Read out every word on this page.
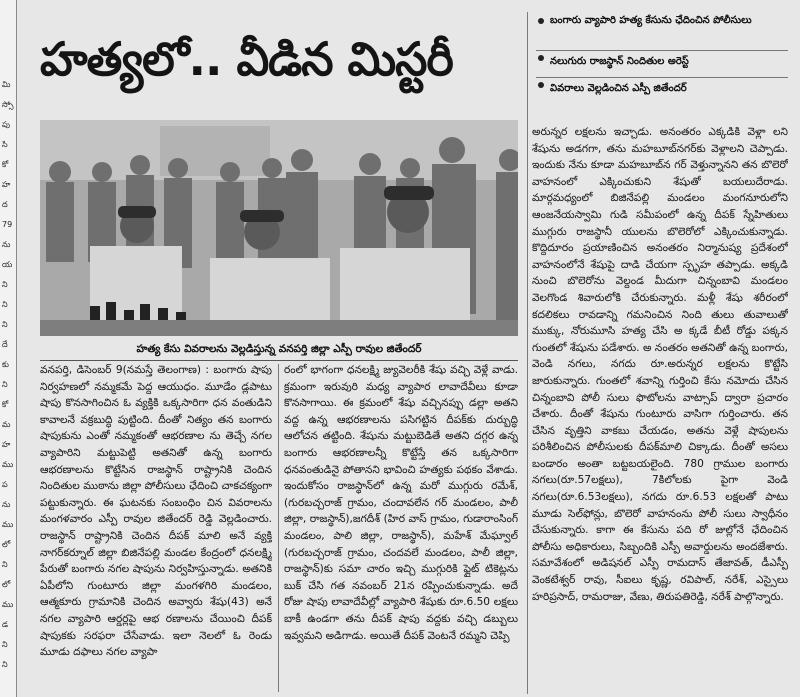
మి
స్సో
పు
సి
కో
హ
ద
79
ను
య
ని
ని
ని
దే
కు
ని
కో
మ
హ
ము
ప
ను
ము
లో
ని
లో
ము
డ
ని
ని
హత్యలో.. వీడిన మిస్టరీ
బంగారు వ్యాపారి హత్య కేసును ఛేదించిన పోలీసులు
నలుగురు రాజస్థాన్ నిందితుల అరెస్ట్
వివరాలు వెల్లడించిన ఎస్పీ జితేందర్
హత్య కేసు వివరాలను వెల్లడిస్తున్న వనపర్తి జిల్లా ఎస్పీ రావుల జితేందర్

వనపర్తి, డిసెంబర్ 9(నమస్తే తెలంగాణ) : బంగారు షాపు నిర్వహణలో నమ్మకమే పెద్ద ఆయుధం. మూడేం డ్లపాటు షాపు కొనసాగించిన ఓ వ్యక్తికి ఒక్కసారిగా ధన వంతుడిని కావాలనే వక్రబుద్ధి పుట్టింది. దీంతో నిత్యం తన బంగారు షాపుకును ఎంతో నమ్మకంతో ఆభరణాల ను తెచ్చే నగల వ్యాపారిని మట్టుపెట్టి అతనితో ఉన్న బంగారు ఆభరణాలను కొట్టేసిన రాజస్థాన్ రాష్ట్రానికి చెందిన నిందితుల ముఠాను జిల్లా పోలీసులు ఛేదించి చాకచక్యంగా పట్టుకున్నారు. ఈ ఘటనకు సంబంధిం చిన వివరాలను మంగళవారం ఎస్పీ రావుల జితేందర్ రెడ్డి వెల్లడించారు. రాజస్థాన్ రాష్ట్రానికి చెందిన దీపక్ మాలి అనే వ్యక్తి నాగర్‌కర్నూల్ జిల్లా బిజినేపల్లి మండల కేంద్రంలో ధనలక్ష్మి పేరుతో బంగారు నగల షాపును నిర్వహిస్తున్నాడు. అతనికి ఏపీలోని గుంటూరు జిల్లా మంగళగిరి మండలం, ఆత్మకూరు గ్రామానికి చెందిన అవ్వారు శేషు(43) అనే నగల వ్యాపారి ఆర్డర్లపై ఆభ రణాలను చేయించి దీపక్ షాపుకకు సరఫరా చేసేవాడు. ఇలా నెలలో ఓ రెండు మూడు దఫాలు నగల వ్యాపా

రంలో భాగంగా ధనలక్ష్మి జ్యువెలరీకి శేషు వచ్చి వెళ్లే వాడు. క్రమంగా ఇరువురి మధ్య వ్యాపార లావాదేవీలు కూడా కొనసాగాయి. ఈ క్రమంలో శేషు వచ్చినప్పు డల్లా అతని వద్ద ఉన్న ఆభరణాలను పసిగట్టిన దీపక్‌కు దుర్బుద్ధి ఆలోచన తట్టింది. శేషును మట్టుబెడితే అతని దగ్గర ఉన్న బంగారు ఆభరణాలన్నీ కొట్టేస్తే తన ఒక్కసారిగా ధనవంతుడినై పోతానని భావించి హత్యకు పథకం వేశాడు. ఇందుకోసం రాజస్థాన్‌లో ఉన్న మరో ముగ్గురు రమేశ్, (గురబచ్చరాజ్ గ్రామం, చందావలేన గర్ మండలం, పాలీ జిల్లా, రాజస్థాన్),జగదీశ్ (హిర వాస్ గ్రామం, గుడారాంసింగ్ మండలం, పాలి జిల్లా, రాజస్థాన్), మహేశ్ మేఘ్వాల్ (గురబచ్చరాజ్ గ్రామం, చందవలే మండలం, పాలీ జిల్లా, రాజస్థాన్)కు సమా చారం ఇచ్చి ముగ్గురికి ఫ్లైట్ టికెట్లను బుక్ చేసి గత నవంబర్ 21న రప్పించుకున్నాడు. అదే రోజు షాపు లావాదేవీల్లో వ్యాపారి శేషుకు రూ.6.50 లక్షలు బాకీ ఉండగా తను దీపక్ షాపు వద్దకు వచ్చి డబ్బులు ఇవ్వమని అడిగాడు. అయితే దీపక్ వెంటనే రమ్మని చెప్పి

అరున్నర లక్షలను ఇచ్చాడు. అనంతరం ఎక్కడికి వెళ్లా లని శేషును అడగగా, తను మహబూబ్‌నగర్‌కు వెళ్లాలని చెప్పాడు. ఇందుకు నేను కూడా మహబూబ్‌న గర్ వెళ్తున్నానని తన బొలెరో వాహనంలో ఎక్కించుకుని శేషుతో బయలుదేరాడు. మార్గమధ్యంలో బిజినేపల్లి మండలం మంగనూరులోని ఆంజనేయస్వామి గుడి సమీపంలో ఉన్న దీపక్ స్నేహితులు ముగ్గురు రాజస్థానీ యులను బొలెరోలో ఎక్కించుకున్నాడు. కొద్దిదూరం ప్రయాణించిన అనంతరం నిర్మానుష్య ప్రదేశంలో వాహనంలోనే శేషుపై దాడి చేయగా స్పృహ తప్పాడు. అక్కడి నుంచి బొలెరోను వెల్దండ మీదుగా చిన్నంబావి మండలం వెలగొండ శివారులోకి చేరుకున్నారు. మళ్లీ శేషు శరీరంలో కదలికలు రావడాన్ని గమనించిన నింది తులు తువాలుతో ముక్కు, నోరుమూసి హత్య చేసి అ క్కడే బీటీ రోడ్డు పక్కన గుంతలో శేషును పడేశారు. అ నంతరం అతనితో ఉన్న బంగారు, వెండి నగలు, నగదు రూ.అరున్నర లక్షలను కొట్టేసి జారుకున్నారు. గుంతలో శవాన్ని గుర్తించి కేసు నమోదు చేసిన చిన్నంబావి పోలీ సులు ఫొటోలను వాట్సాప్ ద్వారా ప్రచారం చేశారు. దీంతో శేషును గుంటూరు వాసిగా గుర్తించారు. తన చేసిన వృత్తిని వాకబు చేయడం, అతను వెళ్లే షాపులను పరిశీలించిన పోలీసులకు దీపక్‌మాలి చిక్కాడు. దీంతో అసలు బండారం అంతా బట్టబయలైంది. 780 గ్రాముల బంగారు నగలు(రూ.57లక్షలు), 7కిలోలకు పైగా వెండి నగలు(రూ.6.53లక్షలు), నగదు రూ.6.53 లక్షలతో పాటు మూడు సెల్‌ఫోన్లు, బొలెరో వాహనంను పోలీ సులు స్వాధీనం చేసుకున్నారు. కాగా ఈ కేసును పది రో జుల్లోనే ఛేదించిన పోలీసు అధికారులు, సిబ్బందికి ఎస్పీ అవార్డులను అందజేశారు. సమావేశంలో అడిషనల్ ఎస్పీ రామదాస్ తేజావత్, డీఎస్పీ వెంకటేశ్వర్ రావు, సీఐలు కృష్ణ, రవిపాల్, నరేశ్, ఎస్సైలు హరిప్రసాద్, రామరాజు, వేణు, తిరుపతిరెడ్డి, నరేశ్ పాల్గొన్నారు.
